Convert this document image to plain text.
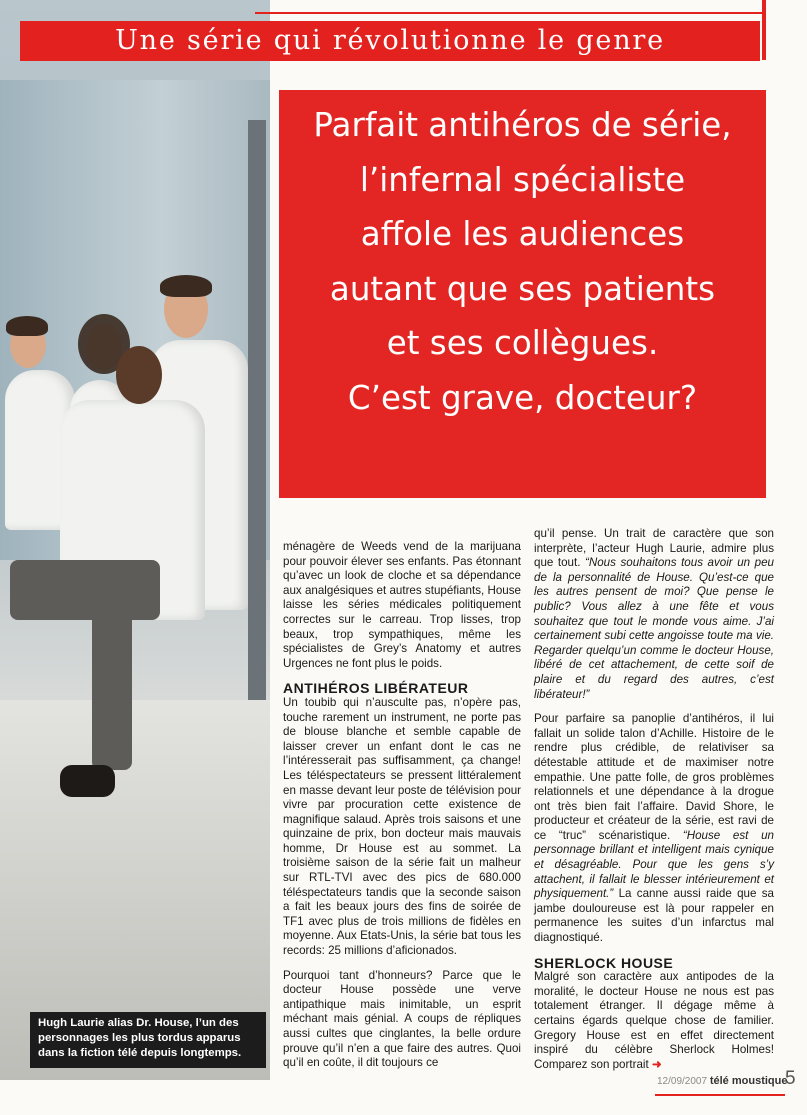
Hugh Laurie alias Dr. House, l’un des personnages les plus tordus apparus dans la fiction télé depuis longtemps.
Une série qui révolutionne le genre
Parfait antihéros de série,
l’infernal spécialiste
affole les audiences
autant que ses patients
et ses collègues.
C’est grave, docteur?

ménagère de Weeds vend de la marijuana pour pouvoir élever ses enfants. Pas étonnant qu’avec un look de cloche et sa dépendance aux analgésiques et autres stupéfiants, House laisse les séries médicales politiquement correctes sur le carreau. Trop lisses, trop beaux, trop sympathiques, même les spécialistes de Grey’s Anatomy et autres Urgences ne font plus le poids.

ANTIHÉROS LIBÉRATEUR

Un toubib qui n’ausculte pas, n’opère pas, touche rarement un instrument, ne porte pas de blouse blanche et semble capable de laisser crever un enfant dont le cas ne l’intéresserait pas suffisamment, ça change! Les téléspectateurs se pressent littéralement en masse devant leur poste de télévision pour vivre par procuration cette existence de magnifique salaud. Après trois saisons et une quinzaine de prix, bon docteur mais mauvais homme, Dr House est au sommet. La troisième saison de la série fait un malheur sur RTL-TVI avec des pics de 680.000 téléspectateurs tandis que la seconde saison a fait les beaux jours des fins de soirée de TF1 avec plus de trois millions de fidèles en moyenne. Aux Etats-Unis, la série bat tous les records: 25 millions d’aficionados.

Pourquoi tant d’honneurs? Parce que le docteur House possède une verve antipathique mais inimitable, un esprit méchant mais génial. A coups de répliques aussi cultes que cinglantes, la belle ordure prouve qu’il n’en a que faire des autres. Quoi qu’il en coûte, il dit toujours ce

qu’il pense. Un trait de caractère que son interprète, l’acteur Hugh Laurie, admire plus que tout. “Nous souhaitons tous avoir un peu de la personnalité de House. Qu’est-ce que les autres pensent de moi? Que pense le public? Vous allez à une fête et vous souhaitez que tout le monde vous aime. J’ai certainement subi cette angoisse toute ma vie. Regarder quelqu’un comme le docteur House, libéré de cet attachement, de cette soif de plaire et du regard des autres, c’est libérateur!”

Pour parfaire sa panoplie d’antihéros, il lui fallait un solide talon d’Achille. Histoire de le rendre plus crédible, de relativiser sa détestable attitude et de maximiser notre empathie. Une patte folle, de gros problèmes relationnels et une dépendance à la drogue ont très bien fait l’affaire. David Shore, le producteur et créateur de la série, est ravi de ce “truc” scénaristique. “House est un personnage brillant et intelligent mais cynique et désagréable. Pour que les gens s’y attachent, il fallait le blesser intérieurement et physiquement.” La canne aussi raide que sa jambe douloureuse est là pour rappeler en permanence les suites d’un infarctus mal diagnostiqué.

SHERLOCK HOUSE

Malgré son caractère aux antipodes de la moralité, le docteur House ne nous est pas totalement étranger. Il dégage même à certains égards quelque chose de familier. Gregory House est en effet directement inspiré du célèbre Sherlock Holmes! Comparez son portrait ➜

12/09/2007 télé moustique
5
